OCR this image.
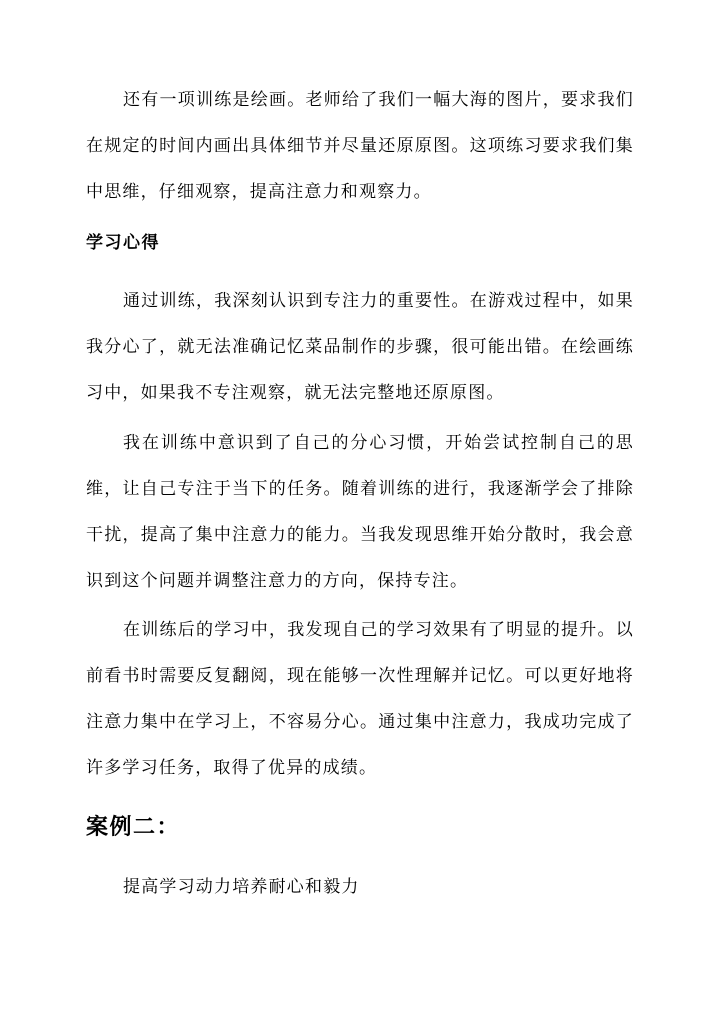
还有一项训练是绘画。老师给了我们一幅大海的图片，要求我们在规定的时间内画出具体细节并尽量还原原图。这项练习要求我们集中思维，仔细观察，提高注意力和观察力。

学习心得

通过训练，我深刻认识到专注力的重要性。在游戏过程中，如果我分心了，就无法准确记忆菜品制作的步骤，很可能出错。在绘画练习中，如果我不专注观察，就无法完整地还原原图。

我在训练中意识到了自己的分心习惯，开始尝试控制自己的思维，让自己专注于当下的任务。随着训练的进行，我逐渐学会了排除干扰，提高了集中注意力的能力。当我发现思维开始分散时，我会意识到这个问题并调整注意力的方向，保持专注。

在训练后的学习中，我发现自己的学习效果有了明显的提升。以前看书时需要反复翻阅，现在能够一次性理解并记忆。可以更好地将注意力集中在学习上，不容易分心。通过集中注意力，我成功完成了许多学习任务，取得了优异的成绩。

案例二：

提高学习动力培养耐心和毅力
